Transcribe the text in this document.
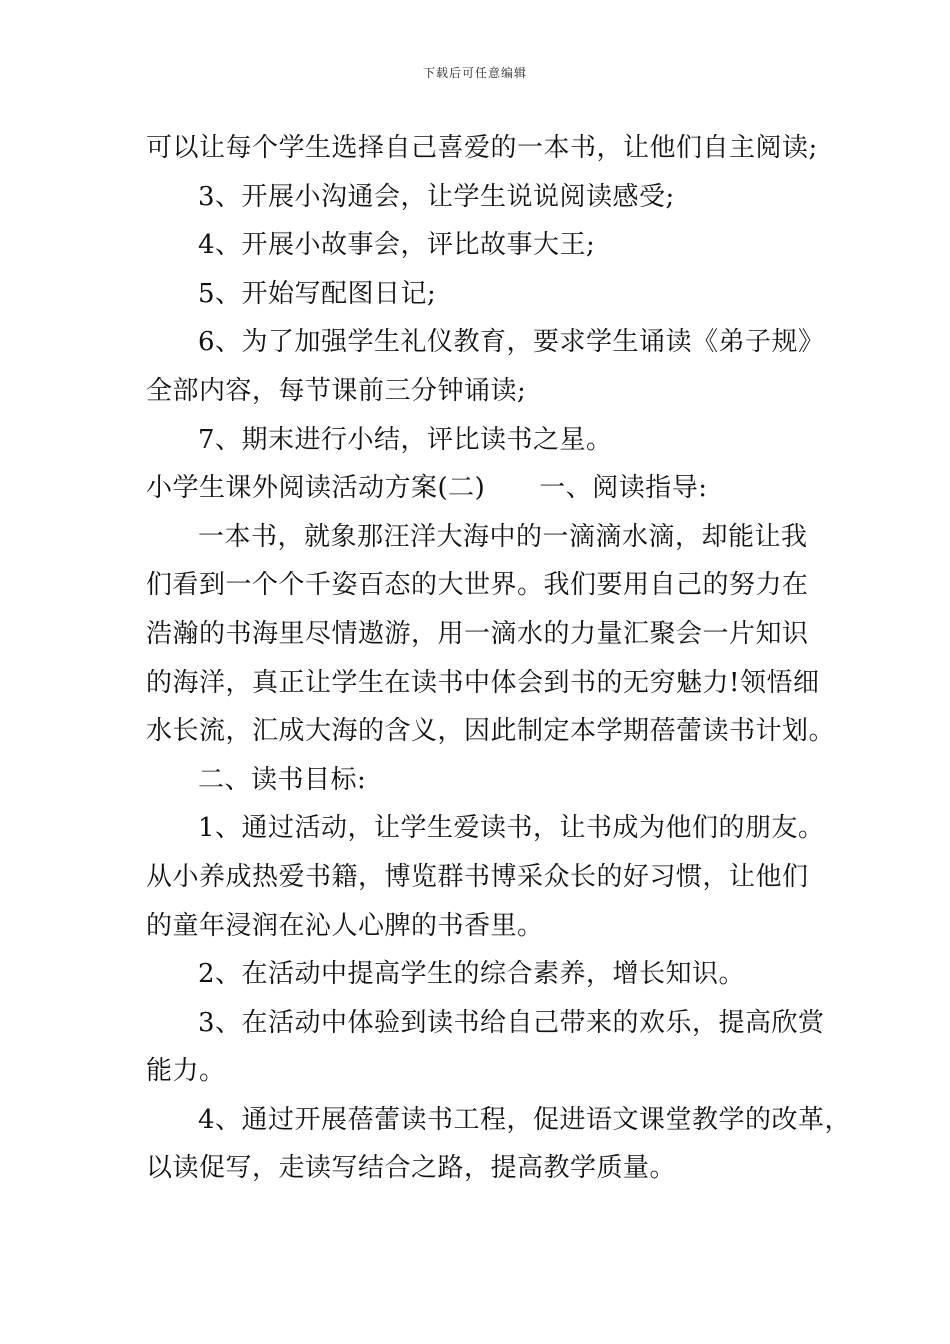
下载后可任意编辑
可以让每个学生选择自己喜爱的一本书，让他们自主阅读;
3、开展小沟通会，让学生说说阅读感受;
4、开展小故事会，评比故事大王;
5、开始写配图日记;
6、为了加强学生礼仪教育，要求学生诵读《弟子规》
全部内容，每节课前三分钟诵读;
7、期末进行小结，评比读书之星。
小学生课外阅读活动方案(二) 一、阅读指导:
一本书，就象那汪洋大海中的一滴滴水滴，却能让我
们看到一个个千姿百态的大世界。我们要用自己的努力在
浩瀚的书海里尽情遨游，用一滴水的力量汇聚会一片知识
的海洋，真正让学生在读书中体会到书的无穷魅力!领悟细
水长流，汇成大海的含义，因此制定本学期蓓蕾读书计划。
二、读书目标:
1、通过活动，让学生爱读书，让书成为他们的朋友。
从小养成热爱书籍，博览群书博采众长的好习惯，让他们
的童年浸润在沁人心脾的书香里。
2、在活动中提高学生的综合素养，增长知识。
3、在活动中体验到读书给自己带来的欢乐，提高欣赏
能力。
4、通过开展蓓蕾读书工程，促进语文课堂教学的改革，
以读促写，走读写结合之路，提高教学质量。
